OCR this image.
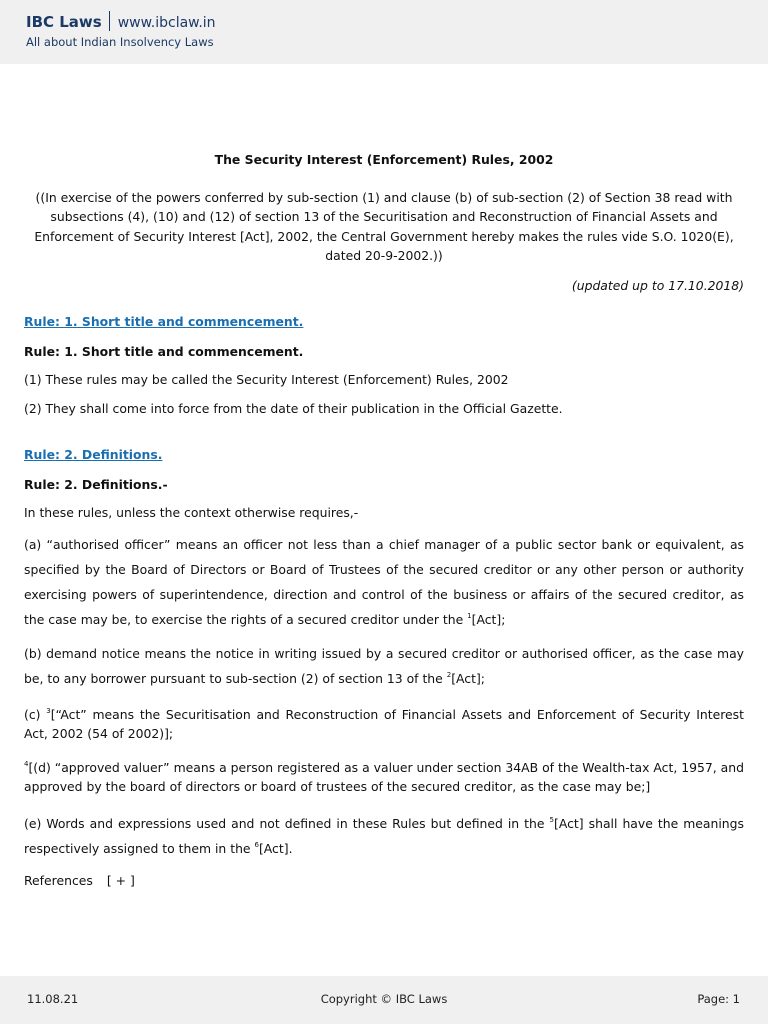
IBC Laws www.ibclaw.in
All about Indian Insolvency Laws
The Security Interest (Enforcement) Rules, 2002

((In exercise of the powers conferred by sub-section (1) and clause (b) of sub-section (2) of Section 38 read with subsections (4), (10) and (12) of section 13 of the Securitisation and Reconstruction of Financial Assets and Enforcement of Security Interest [Act], 2002, the Central Government hereby makes the rules vide S.O. 1020(E), dated 20-9-2002.))

(updated up to 17.10.2018)
Rule: 1. Short title and commencement.
Rule: 1. Short title and commencement.

(1) These rules may be called the Security Interest (Enforcement) Rules, 2002

(2) They shall come into force from the date of their publication in the Official Gazette.

Rule: 2. Definitions.
Rule: 2. Definitions.-

In these rules, unless the context otherwise requires,-

(a) “authorised officer” means an officer not less than a chief manager of a public sector bank or equivalent, as specified by the Board of Directors or Board of Trustees of the secured creditor or any other person or authority exercising powers of superintendence, direction and control of the business or affairs of the secured creditor, as the case may be, to exercise the rights of a secured creditor under the $^1$[Act];

(b) demand notice means the notice in writing issued by a secured creditor or authorised officer, as the case may be, to any borrower pursuant to sub-section (2) of section 13 of the $^2$[Act];

(c) $^3$[“Act” means the Securitisation and Reconstruction of Financial Assets and Enforcement of Security Interest Act, 2002 (54 of 2002)];

$^4$[(d) “approved valuer” means a person registered as a valuer under section 34AB of the Wealth-tax Act, 1957, and approved by the board of directors or board of trustees of the secured creditor, as the case may be;]

(e) Words and expressions used and not defined in these Rules but defined in the $^5$[Act] shall have the meanings respectively assigned to them in the $^6$[Act].

References [ + ]
11.08.21	Copyright © IBC Laws	Page: 1
